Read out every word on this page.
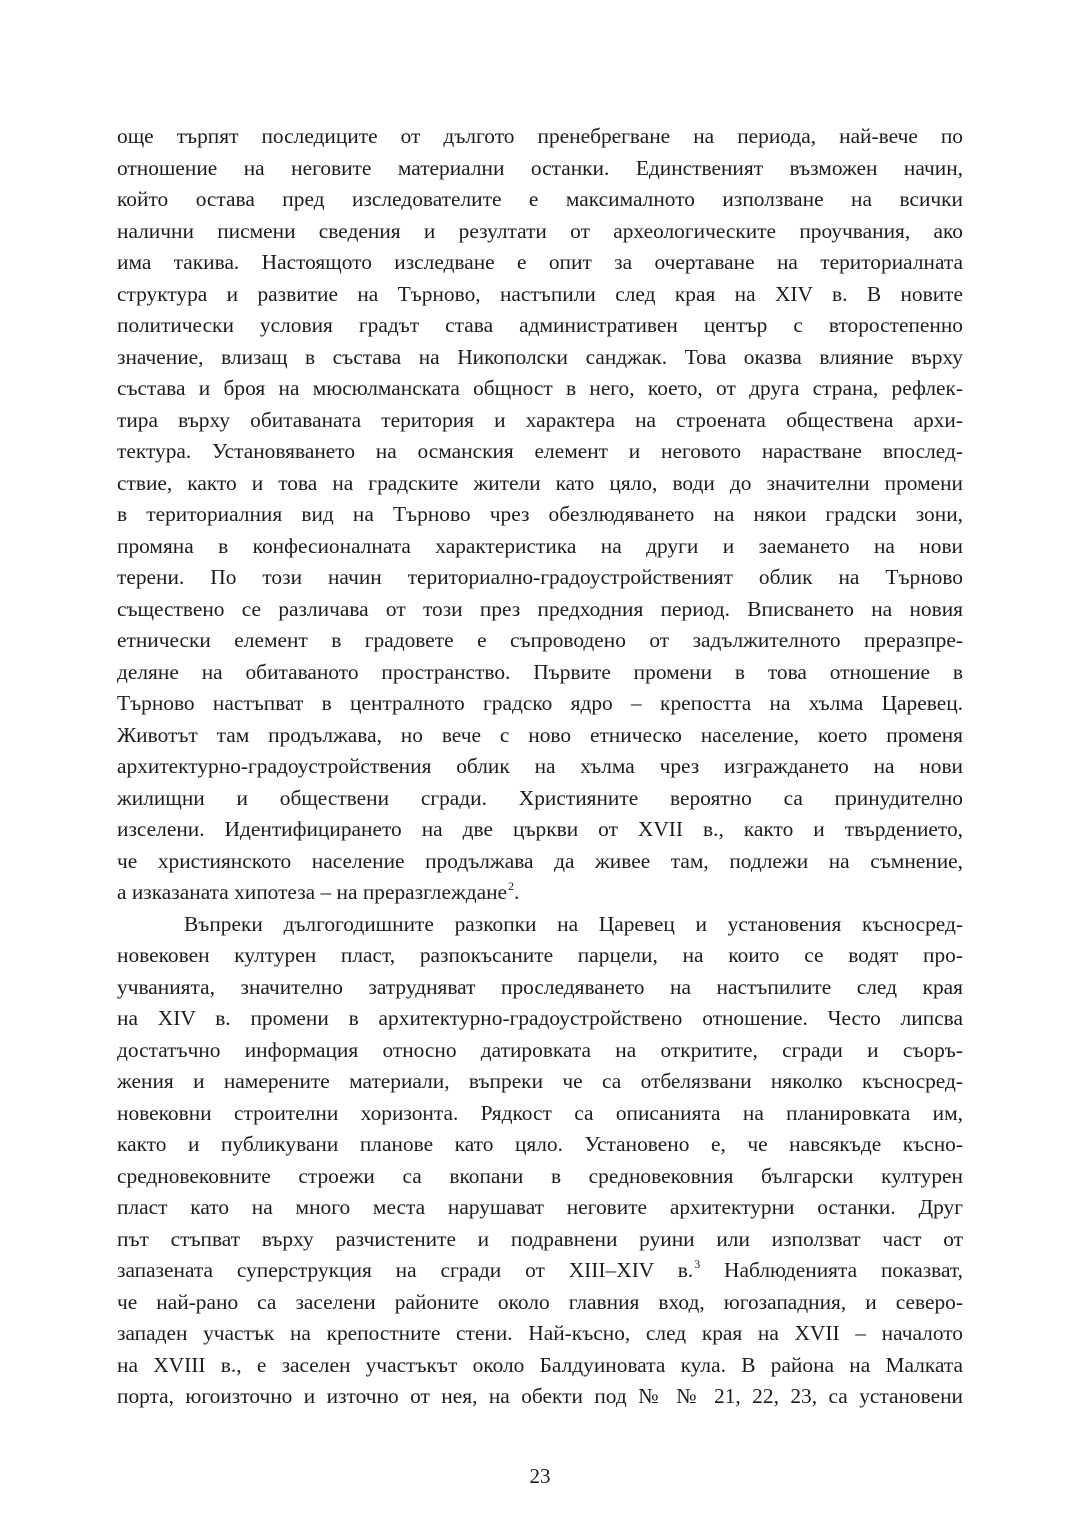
още търпят последиците от дългото пренебрегване на периода, най-вече по
отношение на неговите материални останки. Единственият възможен начин,
който остава пред изследователите е максималното използване на всички
налични писмени сведения и резултати от археологическите проучвания, ако
има такива. Настоящото изследване е опит за очертаване на териториалната
структура и развитие на Търново, настъпили след края на XIV в. В новите
политически условия градът става административен център с второстепенно
значение, влизащ в състава на Никополски санджак. Това оказва влияние върху
състава и броя на мюсюлманската общност в него, което, от друга страна, рефлек-
тира върху обитаваната територия и характера на строената обществена архи-
тектура. Установяването на османския елемент и неговото нарастване впослед-
ствие, както и това на градските жители като цяло, води до значителни промени
в териториалния вид на Търново чрез обезлюдяването на някои градски зони,
промяна в конфесионалната характеристика на други и заемането на нови
терени. По този начин териториално-градоустройственият облик на Търново
съществено се различава от този през предходния период. Вписването на новия
етнически елемент в градовете е съпроводено от задължителното преразпре-
деляне на обитаваното пространство. Първите промени в това отношение в
Търново настъпват в централното градско ядро – крепостта на хълма Царевец.
Животът там продължава, но вече с ново етническо население, което променя
архитектурно-градоустройствения облик на хълма чрез изграждането на нови
жилищни и обществени сгради. Християните вероятно са принудително
изселени. Идентифицирането на две църкви от XVII в., както и твърдението,
че християнското население продължава да живее там, подлежи на съмнение,
а изказаната хипотеза – на преразглеждане$^2$.
Въпреки дългогодишните разкопки на Царевец и установения късносред-
новековен културен пласт, разпокъсаните парцели, на които се водят про-
учванията, значително затрудняват проследяването на настъпилите след края
на XIV в. промени в архитектурно-градоустройствено отношение. Често липсва
достатъчно информация относно датировката на откритите, сгради и съоръ-
жения и намерените материали, въпреки че са отбелязвани няколко късносред-
новековни строителни хоризонта. Рядкост са описанията на планировката им,
както и публикувани планове като цяло. Установено е, че навсякъде късно-
средновековните строежи са вкопани в средновековния български културен
пласт като на много места нарушават неговите архитектурни останки. Друг
път стъпват върху разчистените и подравнени руини или използват част от
запазената суперструкция на сгради от XIII–XIV в.$^3$ Наблюденията показват,
че най-рано са заселени районите около главния вход, югозападния, и северо-
западен участък на крепостните стени. Най-късно, след края на XVII – началото
на XVIII в., е заселен участъкът около Балдуиновата кула. В района на Малката
порта, югоизточно и източно от нея, на обекти под № № 21, 22, 23, са установени
23
